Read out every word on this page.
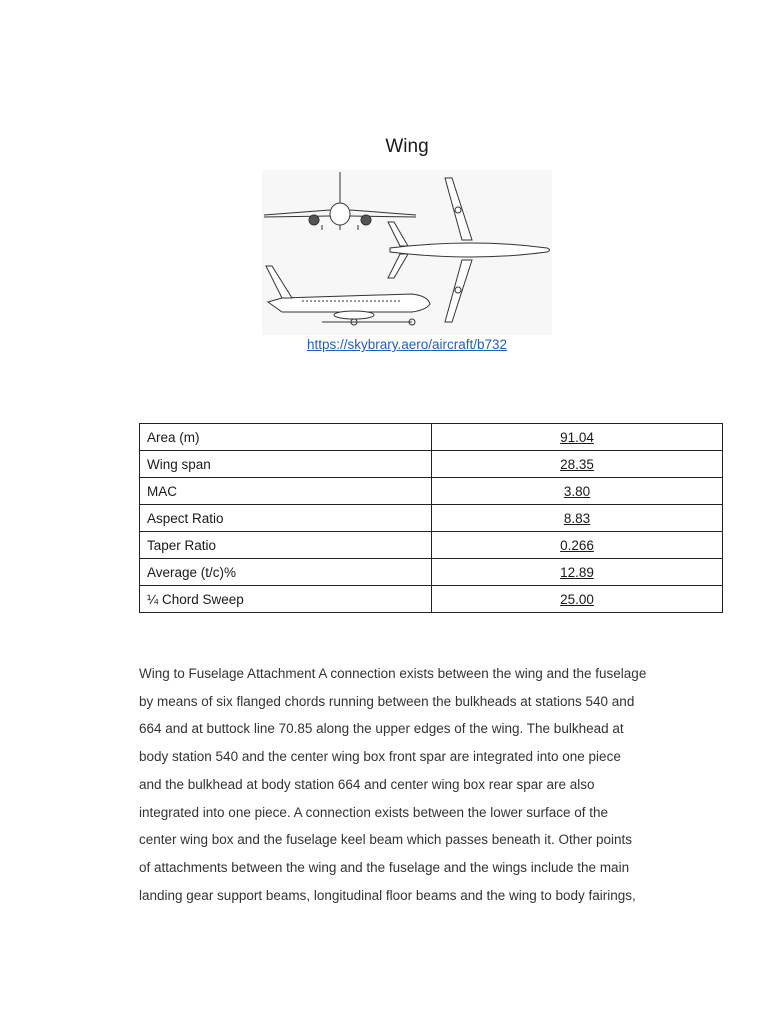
Wing
https://skybrary.aero/aircraft/b732
Area (m)	91.04
Wing span	28.35
MAC	3.80
Aspect Ratio	8.83
Taper Ratio	0.266
Average (t/c)%	12.89
¼ Chord Sweep	25.00
Wing to Fuselage Attachment A connection exists between the wing and the fuselage
by means of six flanged chords running between the bulkheads at stations 540 and
664 and at buttock line 70.85 along the upper edges of the wing. The bulkhead at
body station 540 and the center wing box front spar are integrated into one piece
and the bulkhead at body station 664 and center wing box rear spar are also
integrated into one piece. A connection exists between the lower surface of the
center wing box and the fuselage keel beam which passes beneath it. Other points
of attachments between the wing and the fuselage and the wings include the main
landing gear support beams, longitudinal floor beams and the wing to body fairings,
